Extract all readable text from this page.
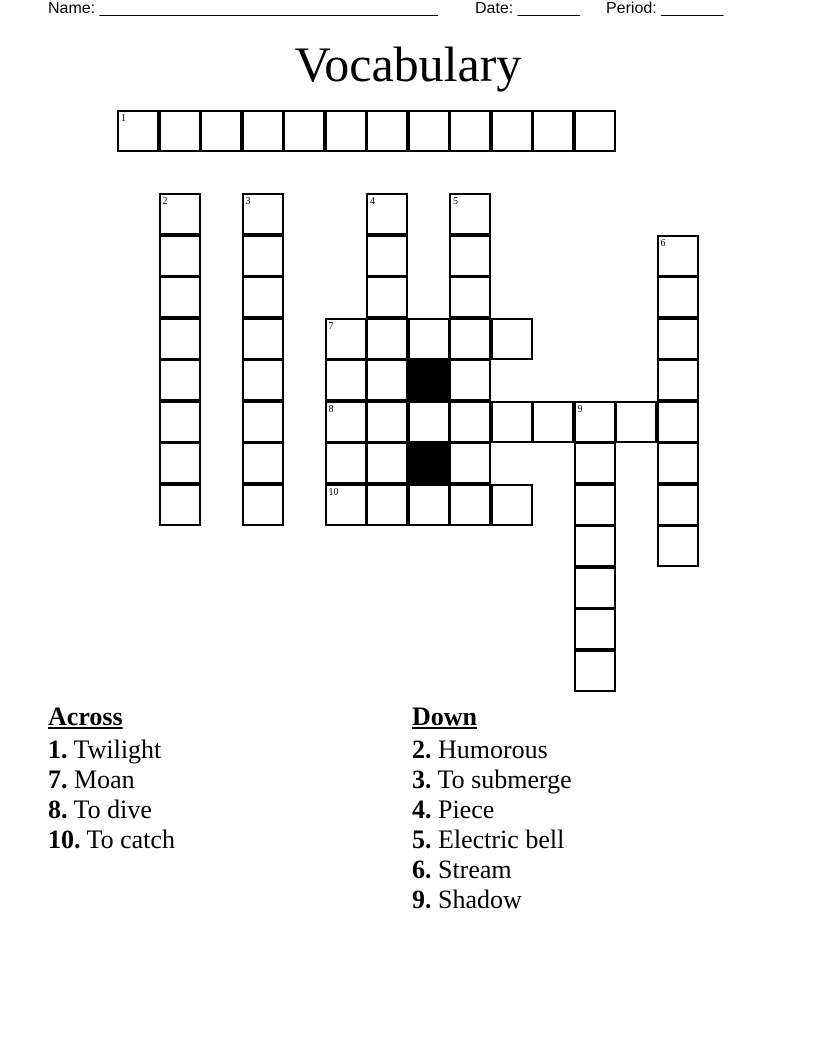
Name: ______________________________________ Date: _______ Period: _______
Vocabulary
1
2	3	4	5
6
7
8	9
10
Across
1. Twilight
7. Moan
8. To dive
10. To catch
Down
2. Humorous
3. To submerge
4. Piece
5. Electric bell
6. Stream
9. Shadow
